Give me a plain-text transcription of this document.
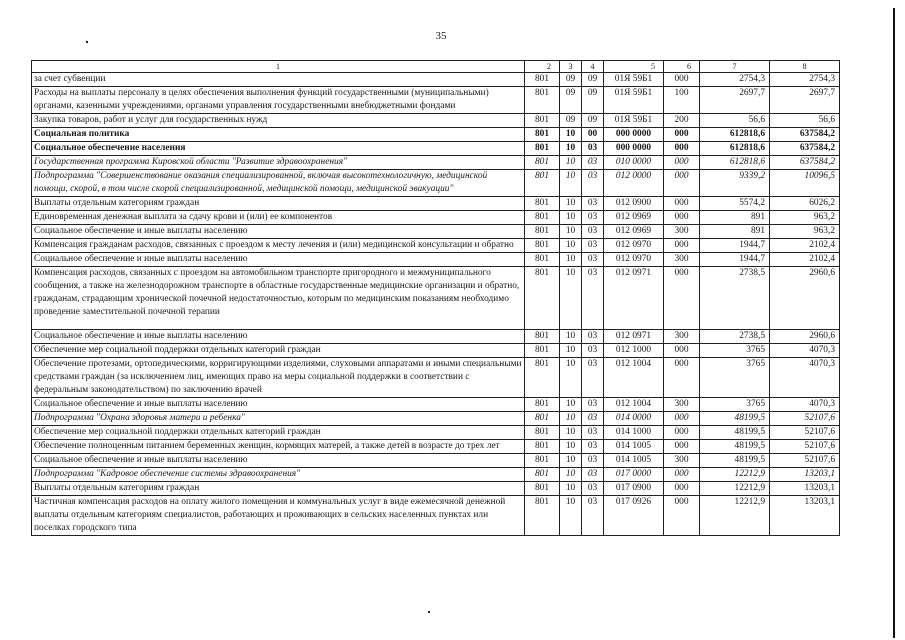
35
1	2	3	4	5	6	7	8
за счет субвенции	801	09	09	01Я 59Б1	000	2754,3	2754,3
Расходы на выплаты персоналу в целях обеспечения выполнения функций государственными (муниципальными) органами, казенными учреждениями, органами управления государственными внебюджетными фондами	801	09	09	01Я 59Б1	100	2697,7	2697,7
Закупка товаров, работ и услуг для государственных нужд	801	09	09	01Я 59Б1	200	56,6	56,6
Социальная политика	801	10	00	000 0000	000	612818,6	637584,2
Социальное обеспечение населения	801	10	03	000 0000	000	612818,6	637584,2
Государственная программа Кировской области "Развитие здравоохранения"	801	10	03	010 0000	000	612818,6	637584,2
Подпрограмма "Совершенствование оказания специализированной, включая высокотехнологичную, медицинской помощи, скорой, в том числе скорой специализированной, медицинской помощи, медицинской эвакуации"	801	10	03	012 0000	000	9339,2	10096,5
Выплаты отдельным категориям граждан	801	10	03	012 0900	000	5574,2	6026,2
Единовременная денежная выплата за сдачу крови и (или) ее компонентов	801	10	03	012 0969	000	891	963,2
Социальное обеспечение и иные выплаты населению	801	10	03	012 0969	300	891	963,2
Компенсация гражданам расходов, связанных с проездом к месту лечения и (или) медицинской консультации и обратно	801	10	03	012 0970	000	1944,7	2102,4
Социальное обеспечение и иные выплаты населению	801	10	03	012 0970	300	1944,7	2102,4
Компенсация расходов, связанных с проездом на автомобильном транспорте пригородного и межмуниципального сообщения, а также на железнодорожном транспорте в областные государственные медицинские организации и обратно, гражданам, страдающим хронической почечной недостаточностью, которым по медицинским показаниям необходимо проведение заместительной почечной терапии	801	10	03	012 0971	000	2738,5	2960,6
Социальное обеспечение и иные выплаты населению	801	10	03	012 0971	300	2738,5	2960,6
Обеспечение мер социальной поддержки отдельных категорий граждан	801	10	03	012 1000	000	3765	4070,3
Обеспечение протезами, ортопедическими, корригирующими изделиями, слуховыми аппаратами и иными специальными средствами граждан (за исключением лиц, имеющих право на меры социальной поддержки в соответствии с федеральным законодательством) по заключению врачей	801	10	03	012 1004	000	3765	4070,3
Социальное обеспечение и иные выплаты населению	801	10	03	012 1004	300	3765	4070,3
Подпрограмма "Охрана здоровья матери и ребенка"	801	10	03	014 0000	000	48199,5	52107,6
Обеспечение мер социальной поддержки отдельных категорий граждан	801	10	03	014 1000	000	48199,5	52107,6
Обеспечение полноценным питанием беременных женщин, кормящих матерей, а также детей в возрасте до трех лет	801	10	03	014 1005	000	48199,5	52107,6
Социальное обеспечение и иные выплаты населению	801	10	03	014 1005	300	48199,5	52107,6
Подпрограмма "Кадровое обеспечение системы здравоохранения"	801	10	03	017 0000	000	12212,9	13203,1
Выплаты отдельным категориям граждан	801	10	03	017 0900	000	12212,9	13203,1
Частичная компенсация расходов на оплату жилого помещения и коммунальных услуг в виде ежемесячной денежной выплаты отдельным категориям специалистов, работающих и проживающих в сельских населенных пунктах или поселках городского типа	801	10	03	017 0926	000	12212,9	13203,1
